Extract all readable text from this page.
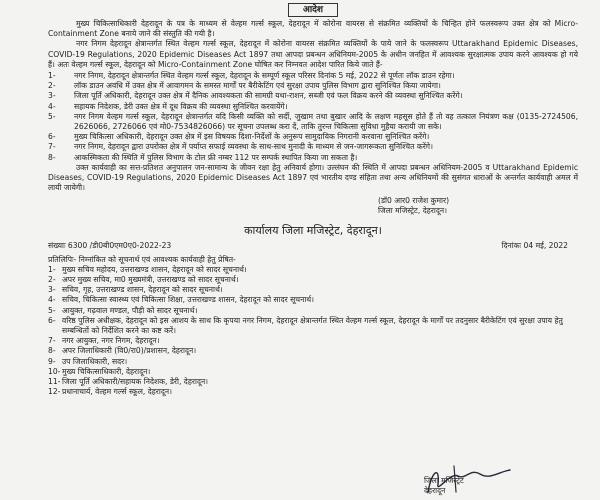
आदेश

मुख्य चिकित्साधिकारी देहरादून के पत्र के माध्यम से वेल्हम गर्ल्स स्कूल, देहरादून में कोरोना वायरस से संक्रमित व्यक्तियों के चिन्हित होने फलस्वरूप उक्त क्षेत्र को Micro-Containment Zone बनाये जाने की संस्तुति की गयी है।

नगर निगम देहरादून क्षेत्रान्तर्गत स्थित वेल्हम गर्ल्स स्कूल, देहरादून में कोरोना वायरस संक्रमित व्यक्तियों के पाये जाने के फलस्वरूप Uttarakhand Epidemic Diseases, COVID-19 Regulations, 2020 Epidemic Diseases Act 1897 तथा आपदा प्रबन्धन अधिनियम-2005 के अधीन जनहित में आवश्यक सुरक्षात्मक उपाय करने आवश्यक हो गये हैं। अतः वेल्हम गर्ल्स स्कूल, देहरादून को Micro-Containment Zone घोषित कर निम्नवत आदेश पारित किये जाते हैं-

1-	नगर निगम, देहरादून क्षेत्रान्तर्गत स्थित वेल्हम गर्ल्स स्कूल, देहरादून के सम्पूर्ण स्कूल परिसर दिनांक 5 मई, 2022 से पूर्णतः लॉक डाउन रहेगा।
2-	लॉक डाउन अवधि में उक्त क्षेत्र में आवागमन के समस्त मार्गों पर बैरीकेटिंग एवं सुरक्षा उपाय पुलिस विभाग द्वारा सुनिश्चित किया जायेगा।
3-	जिला पूर्ति अधिकारी, देहरादून उक्त क्षेत्र में दैनिक आवश्यकता की सामग्री यथा-राशन, सब्जी एवं फल विक्रय करने की व्यवस्था सुनिश्चित करेंगे।
4-	सहायक निदेशक, डेरी उक्त क्षेत्र में दूध विक्रय की व्यवस्था सुनिश्चित करवायेंगे।
5-	नगर निगम वेल्हम गर्ल्स स्कूल, देहरादून क्षेत्रान्तर्गत यदि किसी व्यक्ति को सर्दी, जुखाम तथा बुखार आदि के लक्षण महसूस होते हैं तो वह तत्काल नियंत्रण कक्ष (0135-2724506, 2626066, 2726066 एवं मो0-7534826066) पर सूचना उपलब्ध करा दें, ताकि तुरन्त चिकित्सा सुविधा मुहैया करायी जा सके।
6-	मुख्य चिकित्सा अधिकारी, देहरादून उक्त क्षेत्र में इस विषयक दिशा-निर्देशों के अनुरूप सामुदायिक निगरानी करवाना सुनिश्चित करेंगे।
7-	नगर निगम, देहरादून द्वारा उपरोक्त क्षेत्र में पर्याप्त सफाई व्यवस्था के साथ-साथ मुनादी के माध्यम से जन-जागरूकता सुनिश्चित करेंगे।
8-	आकस्मिकता की स्थिति में पुलिस विभाग के टोल फ्री नम्बर 112 पर सम्पर्क स्थापित किया जा सकता है।

उक्त कार्यवाही का सत्त-प्रतिशत अनुपालन जन-सामान्य के जीवन रक्षा हेतु अनिवार्य होगा। उल्लंघन की स्थिति में आपदा प्रबन्धन अधिनियम-2005 व Uttarakhand Epidemic Diseases, COVID-19 Regulations, 2020 Epidemic Diseases Act 1897 एवं भारतीय दण्ड संहिता तथा अन्य अधिनियमों की सुसंगत धाराओं के अन्तर्गत कार्यवाही अमल में लायी जायेगी।

(डॉ0 आर0 राजेश कुमार)
जिला मजिस्ट्रेट, देहरादून।
कार्यालय जिला मजिस्ट्रेट, देहरादून।
संख्याः 6300 /डी0बी0एम0ए0-2022-23	दिनांकः 04 मई, 2022
प्रतिलिपिः- निम्नांकित को सूचनार्थ एवं आवश्यक कार्यवाही हेतु प्रेषित-
1- मुख्य सचिव महोदय, उत्तराखण्ड शासन, देहरादून को सादर सूचनार्थ।
2- अपर मुख्य सचिव, मा0 मुख्यमंत्री, उत्तराखण्ड को सादर सूचनार्थ।
3- सचिव, गृह, उत्तराखण्ड शासन, देहरादून को सादर सूचनार्थ।
4- सचिव, चिकित्सा स्वास्थ्य एवं चिकित्सा शिक्षा, उत्तराखण्ड शासन, देहरादून को सादर सूचनार्थ।
5- आयुक्त, गढ़वाल मण्डल, पौड़ी को सादर सूचनार्थ।
6- वरिष्ठ पुलिस अधीक्षक, देहरादून को इस आशय के साथ कि कृपया नगर निगम, देहरादून क्षेत्रान्तर्गत स्थित वेल्हम गर्ल्स स्कूल, देहरादून के मार्गों पर तदनुसार बैरीकेटिंग एवं सुरक्षा उपाय हेतु सम्बन्धितों को निर्देशित करने का कष्ट करें।
7- नगर आयुक्त, नगर निगम, देहरादून।
8- अपर जिलाधिकारी (वि0/रा0)/प्रशासन, देहरादून।
9- उप जिलाधिकारी, सदर।
10- मुख्य चिकित्साधिकारी, देहरादून।
11- जिला पूर्ति अधिकारी/सहायक निदेशक, डेरी, देहरादून।
12- प्रधानाचार्य, वेल्हम गर्ल्स स्कूल, देहरादून।
जिला मजिस्ट्रेट
देहरादून
